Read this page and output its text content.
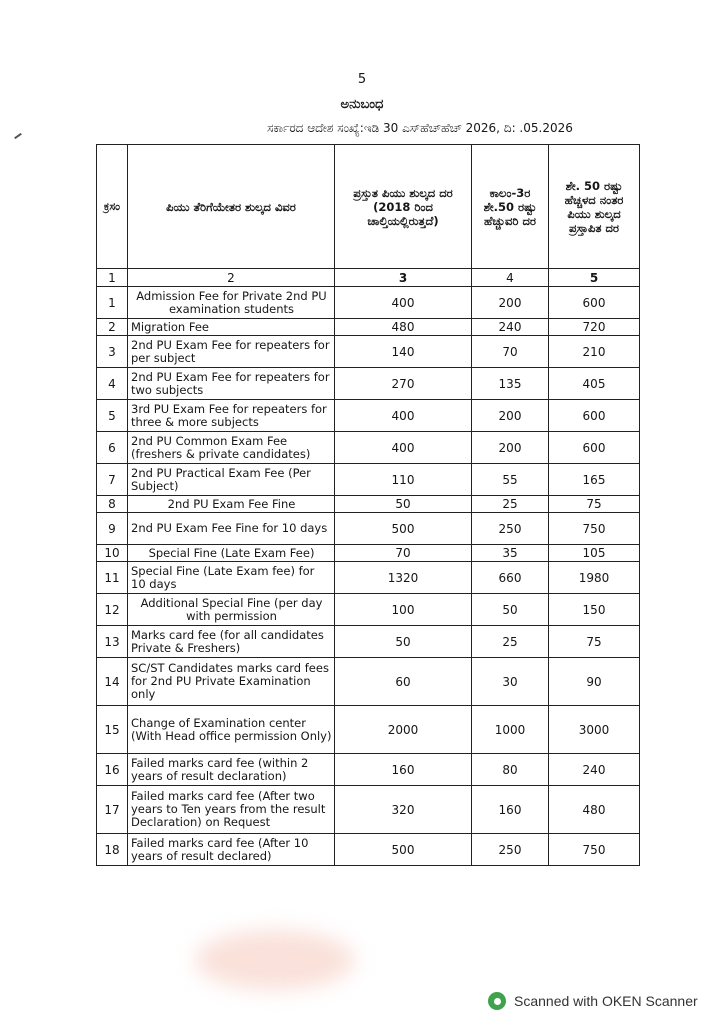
5
ಅನುಬಂಧ
ಸರ್ಕಾರದ ಆದೇಶ ಸಂಖ್ಯೆ:ಇಡಿ 30 ಎಸ್‌ಹೆಚ್‌ಹೆಚ್ 2026, ದಿ: .05.2026
ಕ್ರಸಂ	ಪಿಯು ತೆರಿಗೆಯೇತರ ಶುಲ್ಕದ ವಿವರ	ಪ್ರಸ್ತುತ ಪಿಯು ಶುಲ್ಕದ ದರ (2018 ರಿಂದ ಚಾಲ್ತಿಯಲ್ಲಿರುತ್ತದೆ)	ಕಾಲಂ-3ರ ಶೇ.50 ರಷ್ಟು ಹೆಚ್ಚುವರಿ ದರ	ಶೇ. 50 ರಷ್ಟು ಹೆಚ್ಚಳದ ನಂತರ ಪಿಯು ಶುಲ್ಕದ ಪ್ರಸ್ತಾಪಿತ ದರ
1	2	3	4	5
1	Admission Fee for Private 2nd PU examination students	400	200	600
2	Migration Fee	480	240	720
3	2nd PU Exam Fee for repeaters for per subject	140	70	210
4	2nd PU Exam Fee for repeaters for two subjects	270	135	405
5	3rd PU Exam Fee for repeaters for three & more subjects	400	200	600
6	2nd PU Common Exam Fee (freshers & private candidates)	400	200	600
7	2nd PU Practical Exam Fee (Per Subject)	110	55	165
8	2nd PU Exam Fee Fine	50	25	75
9	2nd PU Exam Fee Fine for 10 days	500	250	750
10	Special Fine (Late Exam Fee)	70	35	105
11	Special Fine (Late Exam fee) for 10 days	1320	660	1980
12	Additional Special Fine (per day with permission	100	50	150
13	Marks card fee (for all candidates Private & Freshers)	50	25	75
14	SC/ST Candidates marks card fees for 2nd PU Private Examination only	60	30	90
15	Change of Examination center (With Head office permission Only)	2000	1000	3000
16	Failed marks card fee (within 2 years of result declaration)	160	80	240
17	Failed marks card fee (After two years to Ten years from the result Declaration) on Request	320	160	480
18	Failed marks card fee (After 10 years of result declared)	500	250	750
Scanned with OKEN Scanner
